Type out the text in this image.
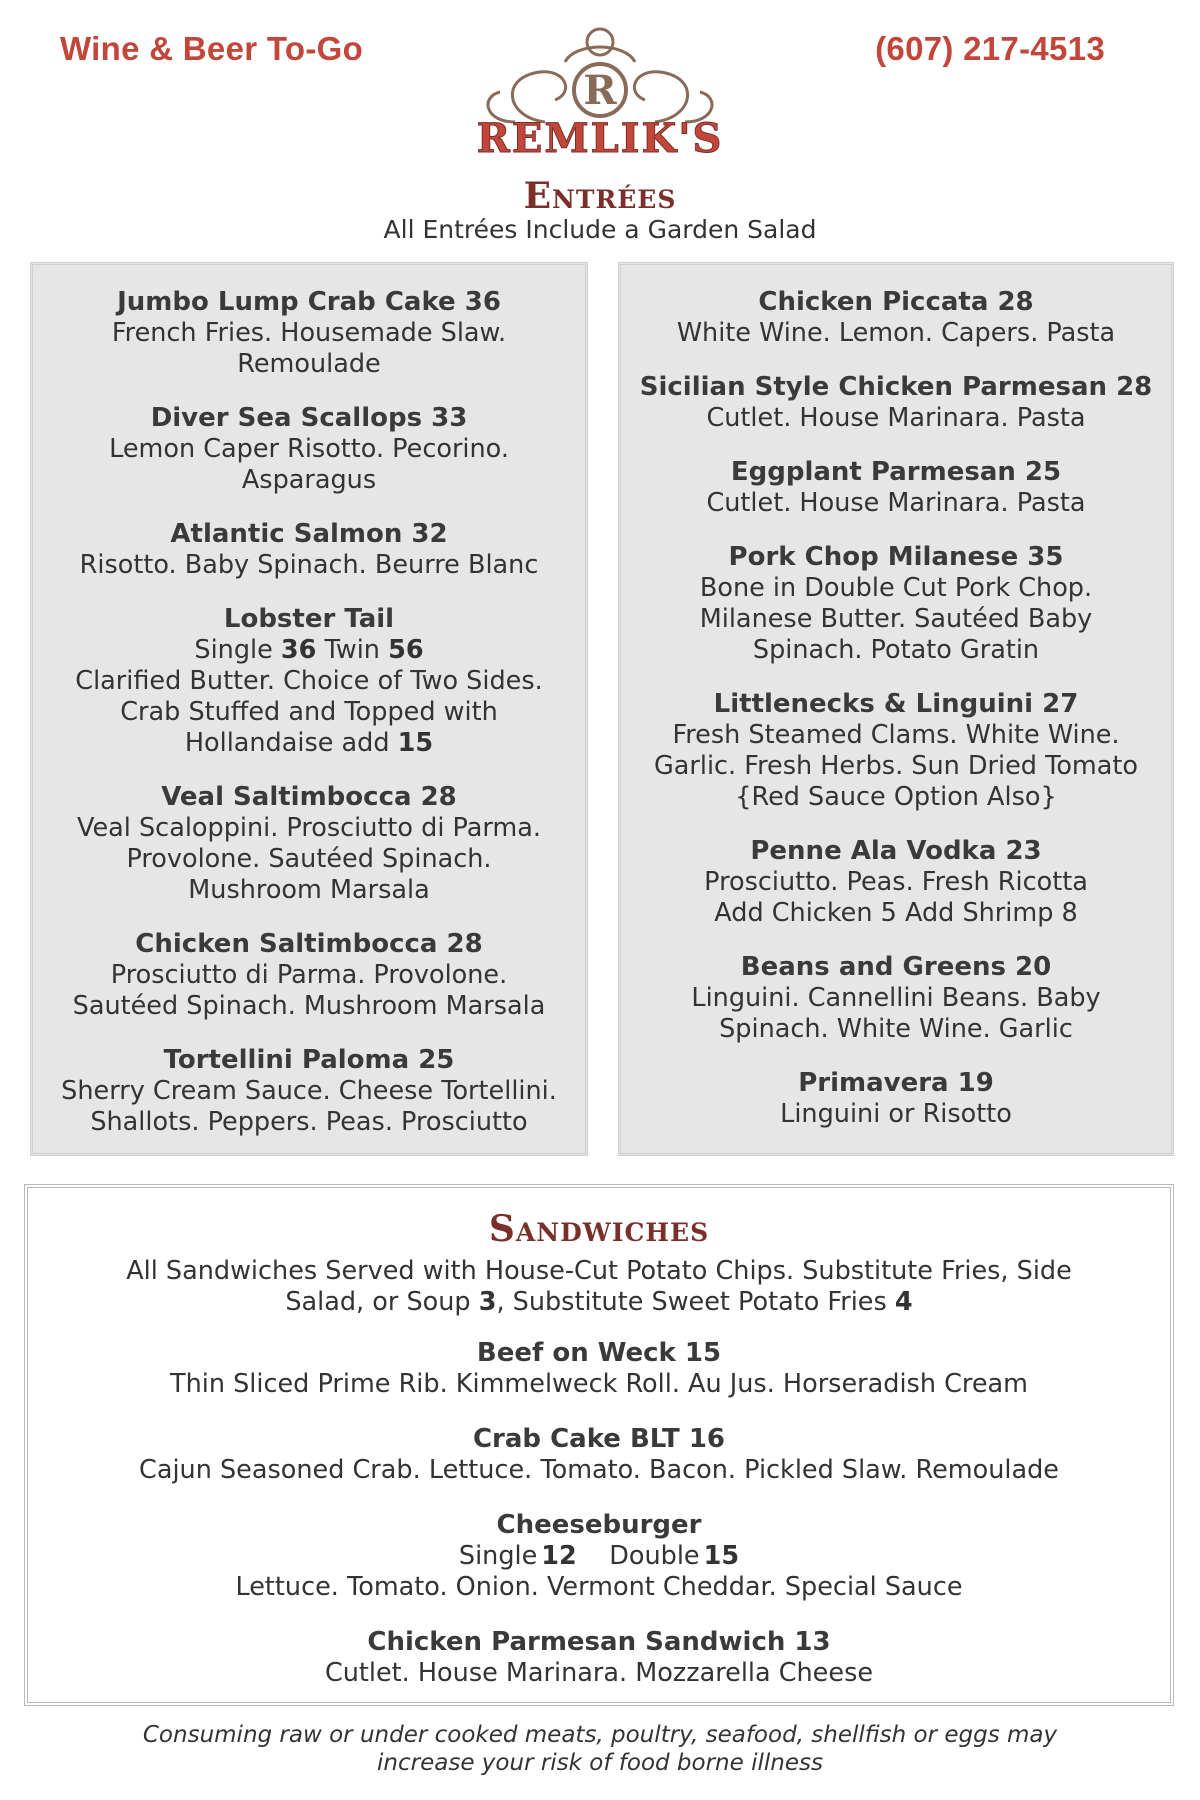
Wine & Beer To-Go	(607) 217-4513
R
REMLIK'S
Entrées
All Entrées Include a Garden Salad
Jumbo Lump Crab Cake 36
French Fries. Housemade Slaw.
Remoulade
Diver Sea Scallops 33
Lemon Caper Risotto. Pecorino.
Asparagus
Atlantic Salmon 32
Risotto. Baby Spinach. Beurre Blanc
Lobster Tail
Single 36 Twin 56
Clarified Butter. Choice of Two Sides.
Crab Stuffed and Topped with
Hollandaise add 15
Veal Saltimbocca 28
Veal Scaloppini. Prosciutto di Parma.
Provolone. Sautéed Spinach.
Mushroom Marsala
Chicken Saltimbocca 28
Prosciutto di Parma. Provolone.
Sautéed Spinach. Mushroom Marsala
Tortellini Paloma 25
Sherry Cream Sauce. Cheese Tortellini.
Shallots. Peppers. Peas. Prosciutto
Chicken Piccata 28
White Wine. Lemon. Capers. Pasta
Sicilian Style Chicken Parmesan 28
Cutlet. House Marinara. Pasta
Eggplant Parmesan 25
Cutlet. House Marinara. Pasta
Pork Chop Milanese 35
Bone in Double Cut Pork Chop.
Milanese Butter. Sautéed Baby
Spinach. Potato Gratin
Littlenecks & Linguini 27
Fresh Steamed Clams. White Wine.
Garlic. Fresh Herbs. Sun Dried Tomato
{Red Sauce Option Also}
Penne Ala Vodka 23
Prosciutto. Peas. Fresh Ricotta
Add Chicken 5 Add Shrimp 8
Beans and Greens 20
Linguini. Cannellini Beans. Baby
Spinach. White Wine. Garlic
Primavera 19
Linguini or Risotto
Sandwiches
All Sandwiches Served with House-Cut Potato Chips. Substitute Fries, Side
Salad, or Soup 3, Substitute Sweet Potato Fries 4
Beef on Weck 15
Thin Sliced Prime Rib. Kimmelweck Roll. Au Jus. Horseradish Cream
Crab Cake BLT 16
Cajun Seasoned Crab. Lettuce. Tomato. Bacon. Pickled Slaw. Remoulade
Cheeseburger
Single 12 Double 15
Lettuce. Tomato. Onion. Vermont Cheddar. Special Sauce
Chicken Parmesan Sandwich 13
Cutlet. House Marinara. Mozzarella Cheese
Consuming raw or under cooked meats, poultry, seafood, shellfish or eggs may
increase your risk of food borne illness
